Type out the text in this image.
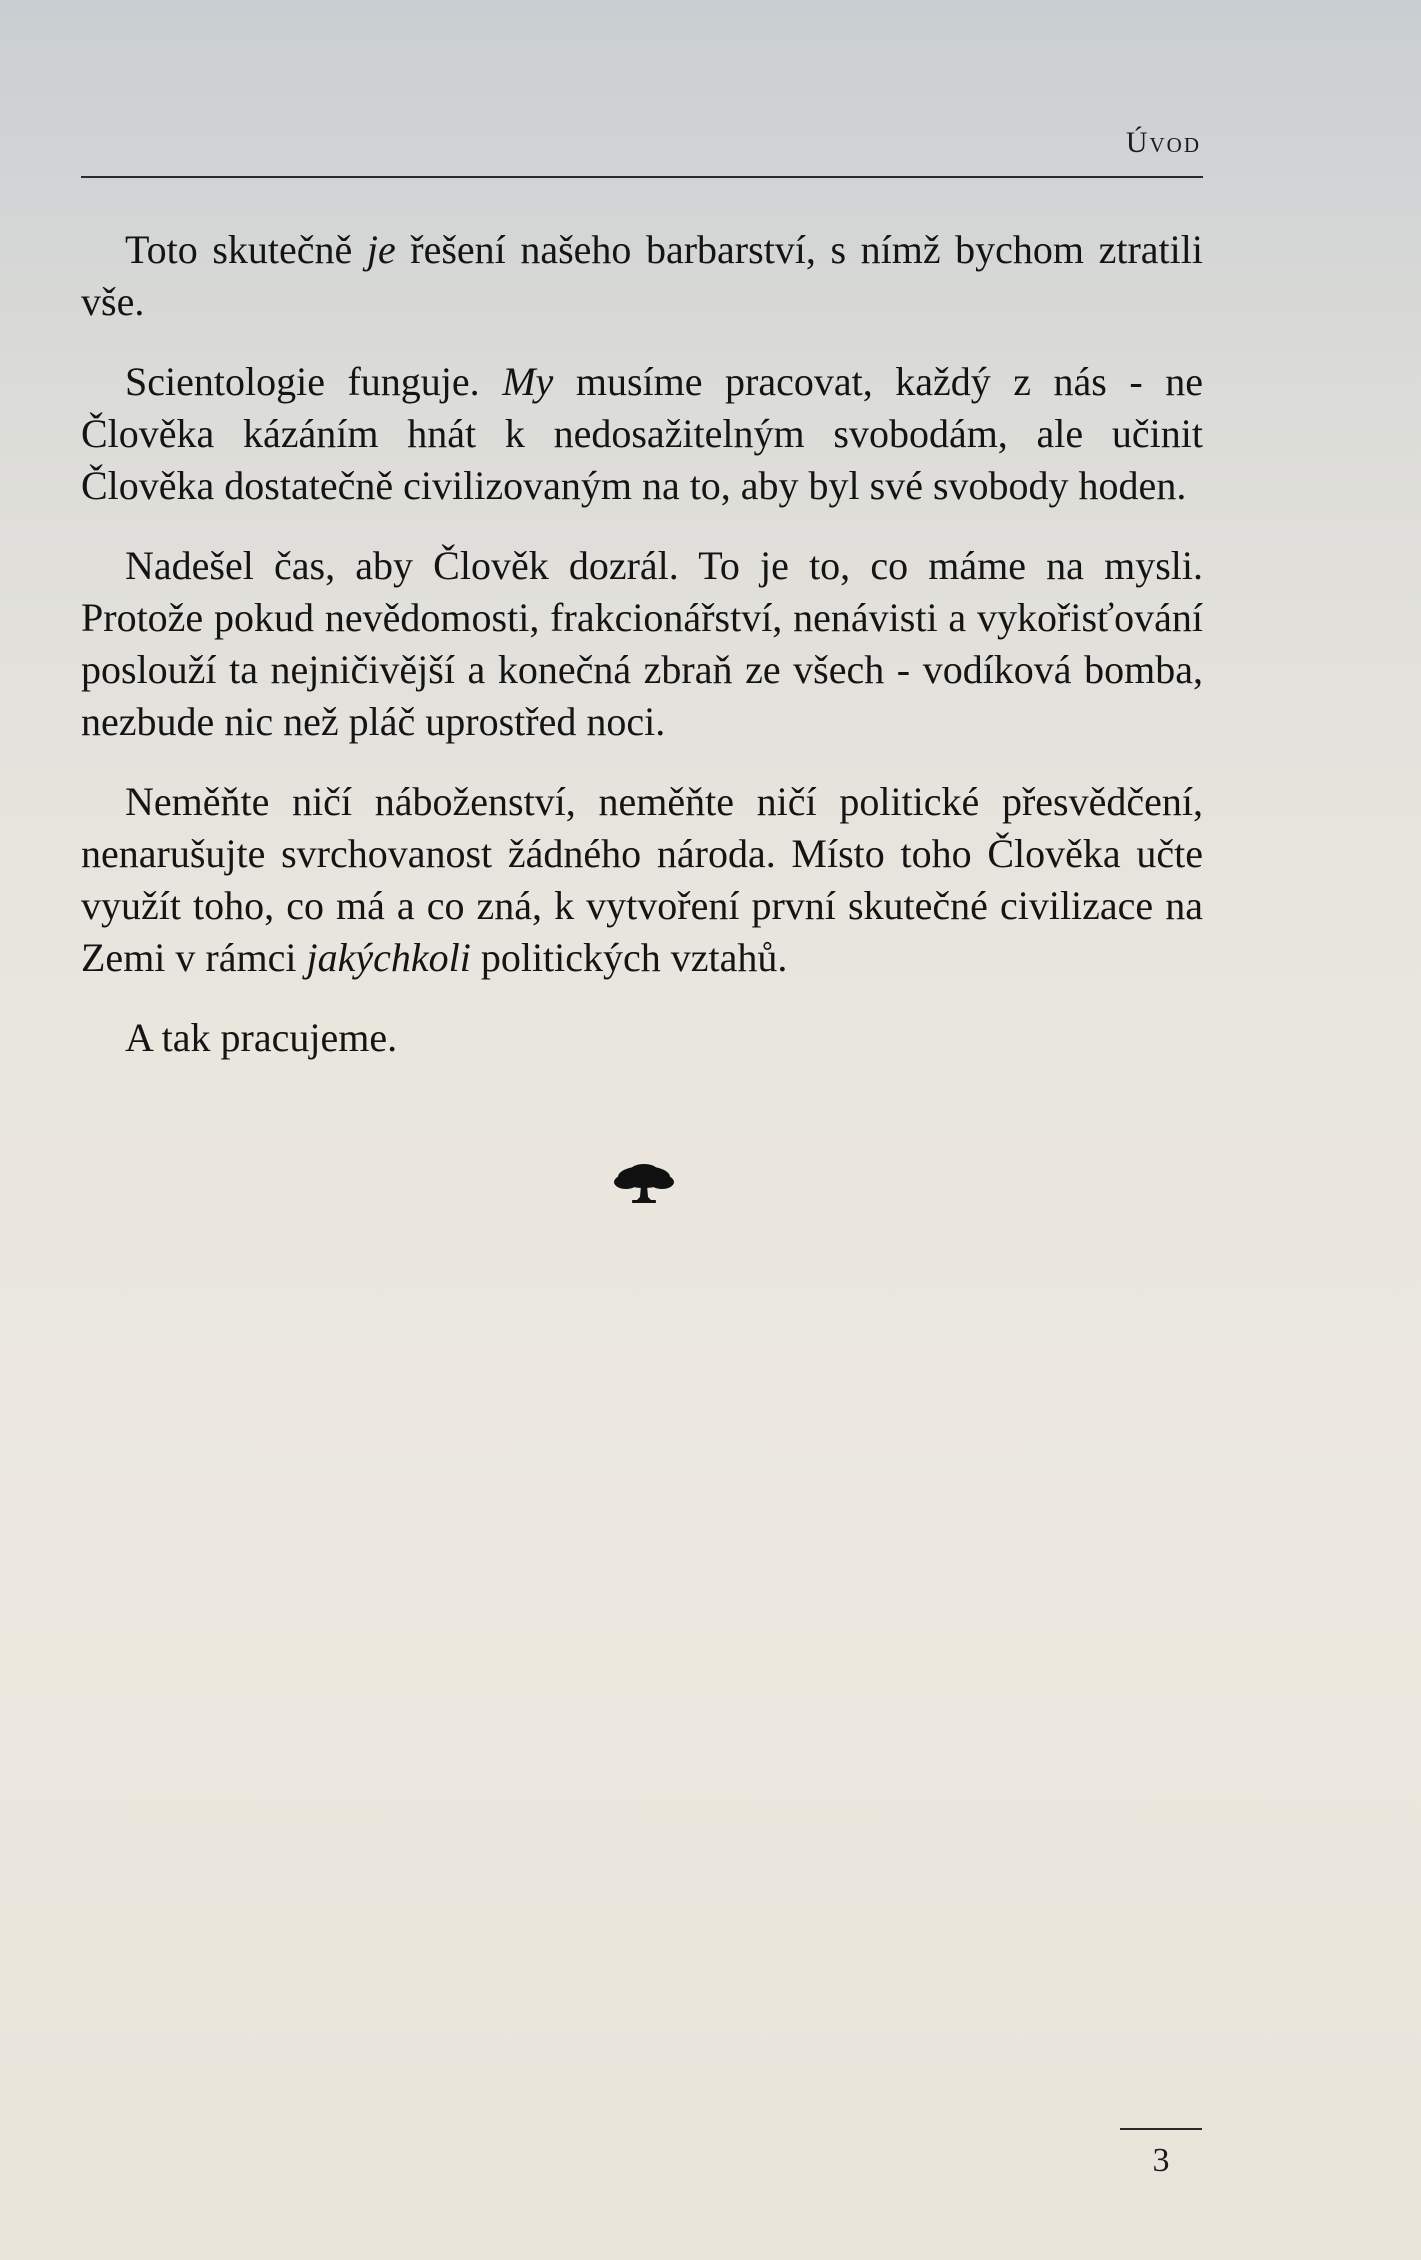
Úvod

Toto skutečně je řešení našeho barbarství, s nímž bychom ztratili vše.

Scientologie funguje. My musíme pracovat, každý z nás - ne Člověka kázáním hnát k nedosažitelným svobodám, ale učinit Člověka dostatečně civilizovaným na to, aby byl své svobody hoden.

Nadešel čas, aby Člověk dozrál. To je to, co máme na mysli. Protože pokud nevědomosti, frakcionářství, nenávisti a vykořisťování poslouží ta nejničivější a konečná zbraň ze všech - vodíková bomba, nezbude nic než pláč uprostřed noci.

Neměňte ničí náboženství, neměňte ničí politické přesvědčení, nenarušujte svrchovanost žádného národa. Místo toho Člověka učte využít toho, co má a co zná, k vytvoření první skutečné civilizace na Zemi v rámci jakýchkoli politických vztahů.

A tak pracujeme.

3
